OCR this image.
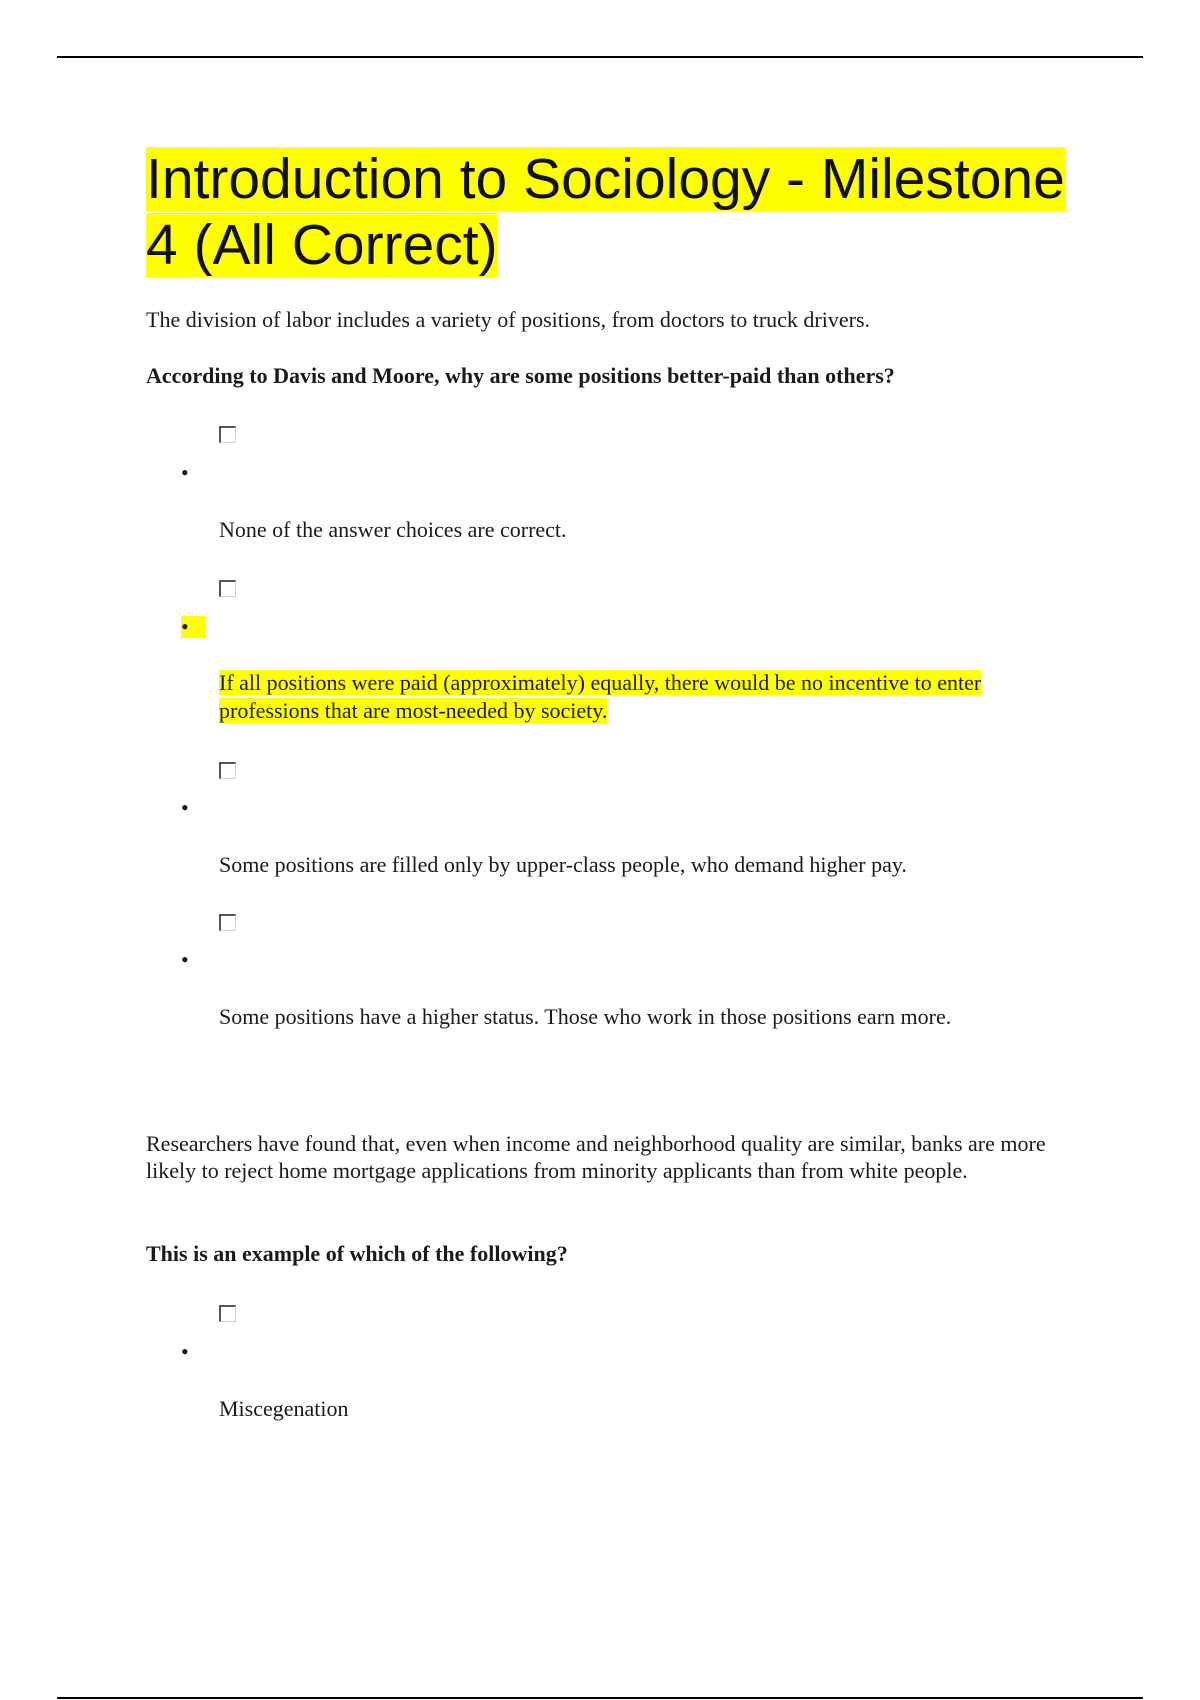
Introduction to Sociology - Milestone 4 (All Correct)

The division of labor includes a variety of positions, from doctors to truck drivers.

According to Davis and Moore, why are some positions better-paid than others?

•
None of the answer choices are correct.
•
If all positions were paid (approximately) equally, there would be no incentive to enter professions that are most-needed by society.
•
Some positions are filled only by upper-class people, who demand higher pay.
•
Some positions have a higher status. Those who work in those positions earn more.

Researchers have found that, even when income and neighborhood quality are similar, banks are more likely to reject home mortgage applications from minority applicants than from white people.

This is an example of which of the following?

•
Miscegenation
